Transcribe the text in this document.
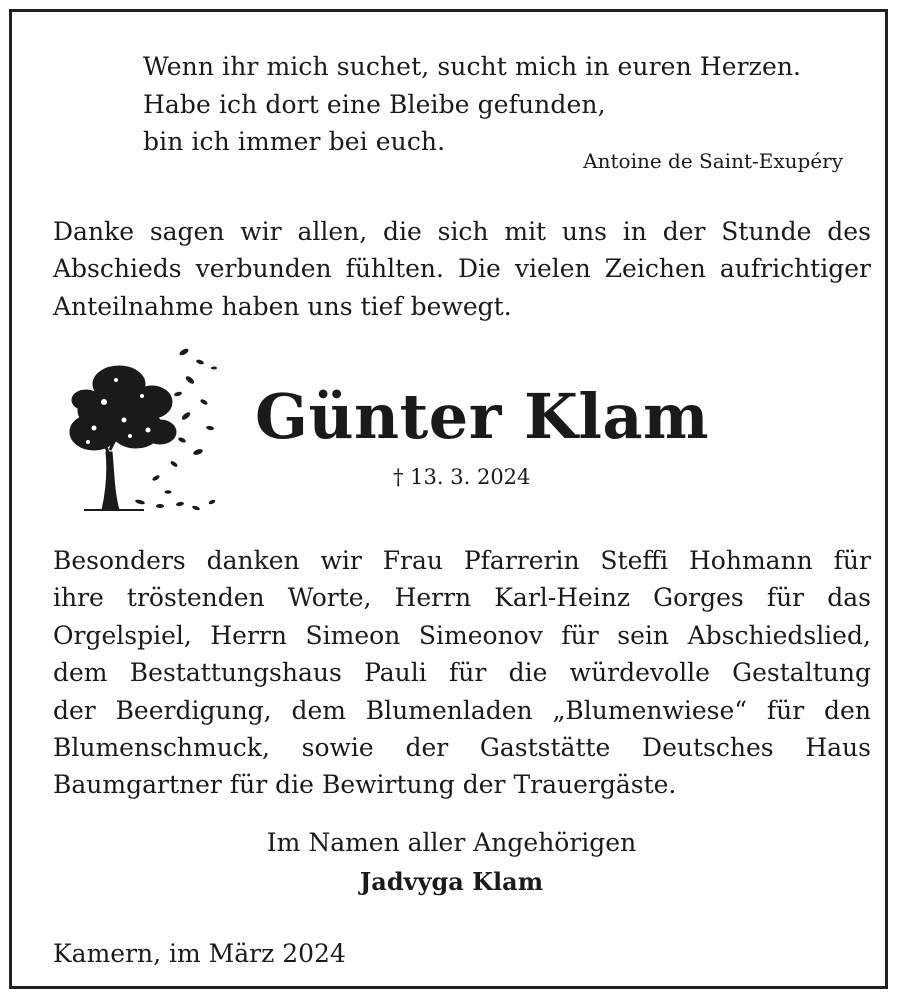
Wenn ihr mich suchet, sucht mich in euren Herzen.
Habe ich dort eine Bleibe gefunden,
bin ich immer bei euch.
Antoine de Saint-Exupéry
Danke sagen wir allen, die sich mit uns in der Stunde des
Abschieds verbunden fühlten. Die vielen Zeichen aufrichtiger
Anteilnahme haben uns tief bewegt.
Günter Klam
† 13. 3. 2024
Besonders danken wir Frau Pfarrerin Steffi Hohmann für
ihre tröstenden Worte, Herrn Karl-Heinz Gorges für das
Orgelspiel, Herrn Simeon Simeonov für sein Abschiedslied,
dem Bestattungshaus Pauli für die würdevolle Gestaltung
der Beerdigung, dem Blumenladen „Blumenwiese“ für den
Blumenschmuck, sowie der Gaststätte Deutsches Haus
Baumgartner für die Bewirtung der Trauergäste.
Im Namen aller Angehörigen
Jadvyga Klam
Kamern, im März 2024
